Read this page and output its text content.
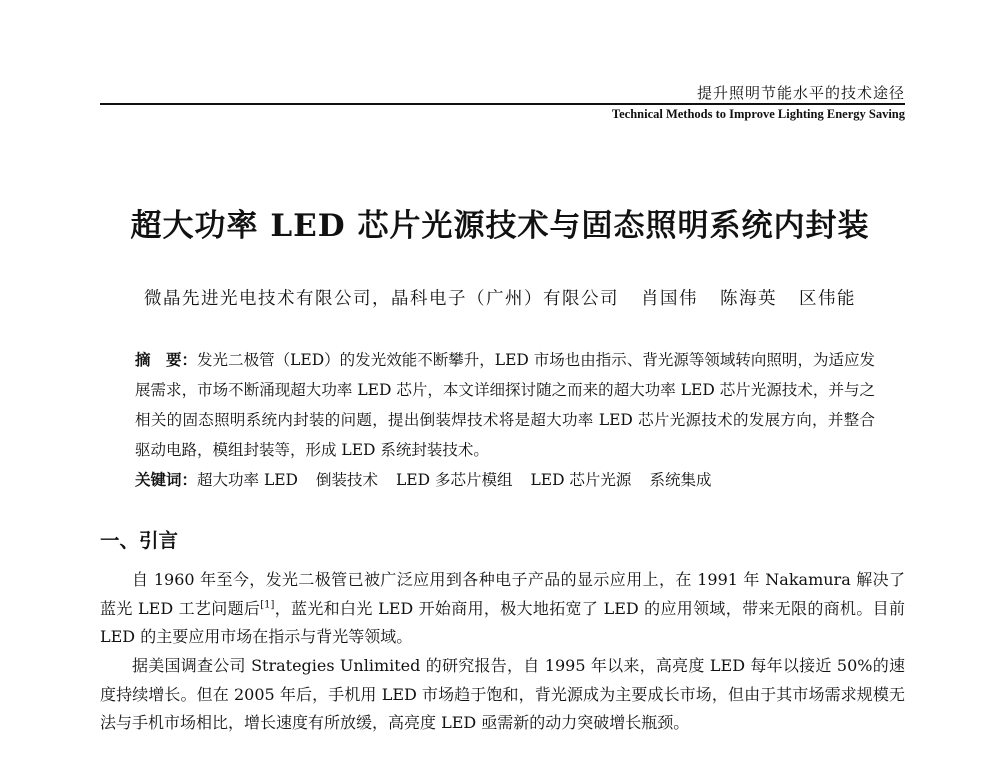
提升照明节能水平的技术途径
Technical Methods to Improve Lighting Energy Saving
超大功率 LED 芯片光源技术与固态照明系统内封装
微晶先进光电技术有限公司，晶科电子（广州）有限公司 肖国伟 陈海英 区伟能
摘　要：发光二极管（LED）的发光效能不断攀升，LED 市场也由指示、背光源等领域转向照明，为适应发展需求，市场不断涌现超大功率 LED 芯片，本文详细探讨随之而来的超大功率 LED 芯片光源技术，并与之相关的固态照明系统内封装的问题，提出倒装焊技术将是超大功率 LED 芯片光源技术的发展方向，并整合驱动电路，模组封装等，形成 LED 系统封装技术。
关键词：超大功率 LED 倒装技术 LED 多芯片模组 LED 芯片光源 系统集成
一、引言

自 1960 年至今，发光二极管已被广泛应用到各种电子产品的显示应用上，在 1991 年 Nakamura 解决了蓝光 LED 工艺问题后[1]，蓝光和白光 LED 开始商用，极大地拓宽了 LED 的应用领域，带来无限的商机。目前 LED 的主要应用市场在指示与背光等领域。

据美国调查公司 Strategies Unlimited 的研究报告，自 1995 年以来，高亮度 LED 每年以接近 50%的速度持续增长。但在 2005 年后，手机用 LED 市场趋于饱和，背光源成为主要成长市场，但由于其市场需求规模无法与手机市场相比，增长速度有所放缓，高亮度 LED 亟需新的动力突破增长瓶颈。
